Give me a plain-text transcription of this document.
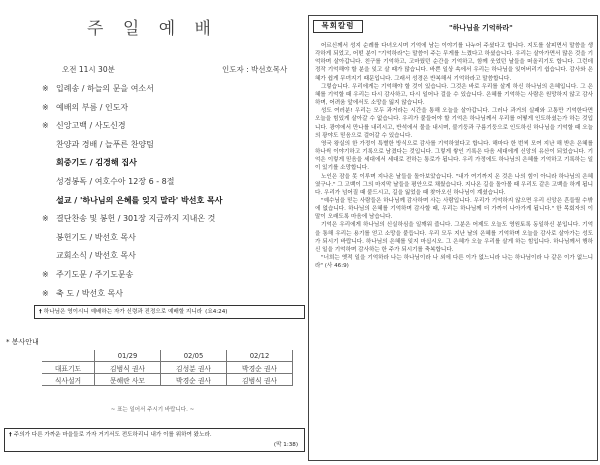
주 일 예 배
오전 11시 30분	인도자 : 박선호목사
※ 입례송 / 하늘의 문을 여소서
※ 예배의 부름 / 인도자
※ 신앙고백 / 사도신경
찬양과 경배 / 늘푸른 찬양팀
회중기도 / 김경해 집사
성경봉독 / 여호수아 12장 6 - 8절
설교 / '하나님의 은혜를 잊지 말라' 박선호 목사
※ 결단찬송 및 봉헌 / 301장 지금까지 지내온 것
봉헌기도 / 박선호 목사
교회소식 / 박선호 목사
※ 주기도문 / 주기도문송
※ 축 도 / 박선호 목사
† 하나님은 영이시니 예배하는 자가 신령과 진정으로 예배할 지니라 (요4:24)
* 봉사안내
	01/29	02/05	02/12
대표기도	김범식 권사	김성분 권사	박경순 권사
식사설거	문해란 사모	박경순 권사	김범식 권사
~ 표는 일어서 주시기 바랍니다. ~
† 주의가 다른 가까운 마을들로 가자 거기서도 전도하리니 내가 이를 위하여 왔노라.
(막 1:38)
목회칼럼	"하나님을 기억하라"

어르신께서 성지 순례를 다녀오시며 기억에 남는 이야기를 나누어 주셨다고 합니다. 지도를 살피면서 말씀을 생각하게 되었고, 어떤 분이 "기억하라"는 말씀이 주는 무게를 느꼈다고 하셨습니다. 우리는 살아가면서 많은 것을 기억하며 살아갑니다. 친구를 기억하고, 고마웠던 순간을 기억하고, 함께 웃었던 날들을 떠올리기도 합니다. 그런데 정작 기억해야 할 분을 잊고 살 때가 많습니다. 바쁜 일상 속에서 우리는 하나님을 잊어버리기 쉽습니다. 감사와 은혜가 쉽게 무뎌지기 때문입니다. 그래서 성경은 반복해서 기억하라고 말씀합니다.

그렇습니다. 우리에게는 기억해야 할 것이 있습니다. 그것은 바로 우리를 살게 하신 하나님의 은혜입니다. 그 은혜를 기억할 때 우리는 다시 감사하고, 다시 일어나 걸을 수 있습니다. 은혜를 기억하는 사람은 원망하지 않고 감사하며, 어려움 앞에서도 소망을 잃지 않습니다.

성도 여러분! 우리는 모두 과거라는 시간을 통해 오늘을 살아갑니다. 그러나 과거의 실패와 고통만 기억한다면 오늘을 힘있게 살아갈 수 없습니다. 우리가 붙들어야 할 기억은 하나님께서 우리를 어떻게 인도하셨는가 하는 것입니다. 광야에서 만나를 내리시고, 반석에서 물을 내시며, 불기둥과 구름기둥으로 인도하신 하나님을 기억할 때 오늘의 광야도 믿음으로 걸어갈 수 있습니다.

영국 왕실의 한 가정이 특별한 방식으로 감사를 기억하였다고 합니다. 해마다 한 번씩 모여 지난 해 받은 은혜를 하나씩 이야기하고 기록으로 남겼다는 것입니다. 그렇게 쌓인 기록은 다음 세대에게 신앙의 유산이 되었습니다. 기억은 이렇게 믿음을 세대에서 세대로 전하는 통로가 됩니다. 우리 가정에도 하나님의 은혜를 기억하고 기록하는 일이 있기를 소망합니다.

노인은 잠을 못 이루며 지나온 날들을 돌아보았습니다. "내가 여기까지 온 것은 나의 힘이 아니라 하나님의 은혜였구나." 그 고백이 그의 마지막 날들을 평안으로 채웠습니다. 지나온 길을 돌아볼 때 우리도 같은 고백을 하게 됩니다. 우리가 넘어질 때 붙드시고, 길을 잃었을 때 찾아오신 하나님이 계셨습니다.

"예수님을 믿는 사람들은 하나님께 감사하며 사는 사람입니다. 우리가 기억하지 않으면 우리 신앙은 흔들릴 수밖에 없습니다. 하나님의 은혜를 기억하며 감사할 때, 우리는 하나님께 더 가까이 나아가게 됩니다." 한 목회자의 이 말이 오래도록 마음에 남습니다.

기억은 우리에게 하나님의 신실하심을 일깨워 줍니다. 그분은 어제도 오늘도 영원토록 동일하신 분입니다. 기억을 통해 우리는 용기를 얻고 소망을 붙듭니다. 우리 모두 지난 날의 은혜를 기억하며 오늘을 감사로 살아가는 성도가 되시기 바랍니다. 하나님의 은혜를 잊지 마십시오. 그 은혜가 오늘 우리를 살게 하는 힘입니다. 하나님께서 행하신 일을 기억하며 감사하는 한 주가 되시기를 축복합니다.

"너희는 옛적 일을 기억하라 나는 하나님이라 나 외에 다른 이가 없느니라 나는 하나님이라 나 같은 이가 없느니라" (사 46:9)
